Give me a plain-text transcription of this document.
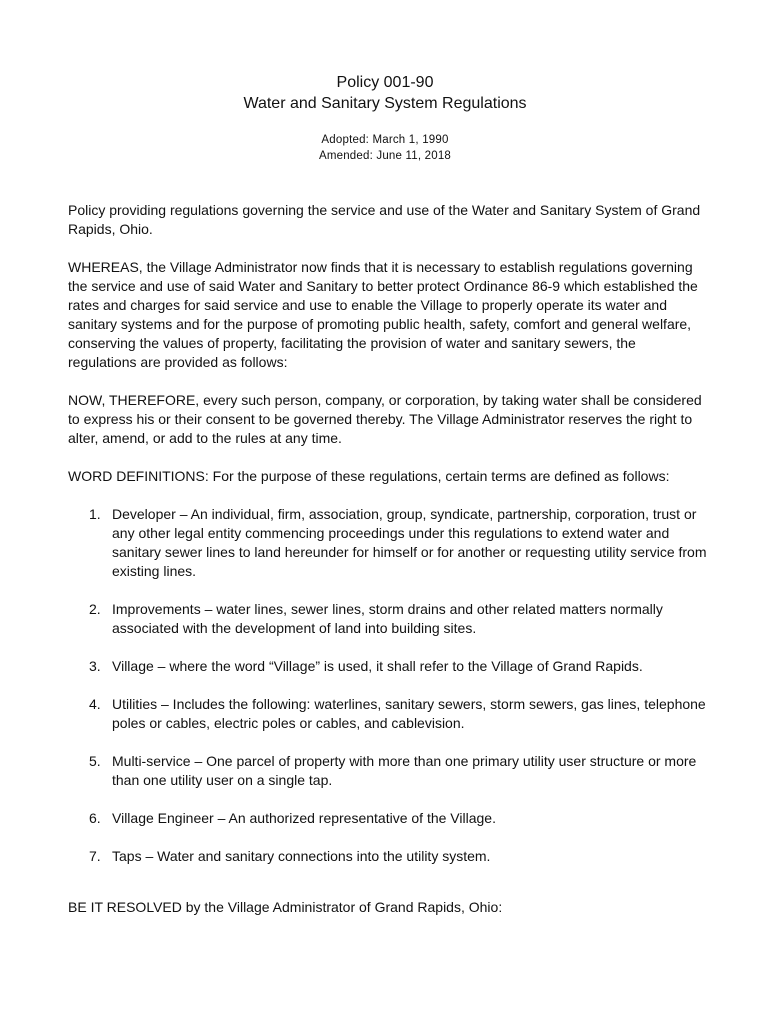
Policy 001-90
Water and Sanitary System Regulations
Adopted: March 1, 1990
Amended: June 11, 2018

Policy providing regulations governing the service and use of the Water and Sanitary System of Grand Rapids, Ohio.

WHEREAS, the Village Administrator now finds that it is necessary to establish regulations governing the service and use of said Water and Sanitary to better protect Ordinance 86-9 which established the rates and charges for said service and use to enable the Village to properly operate its water and sanitary systems and for the purpose of promoting public health, safety, comfort and general welfare, conserving the values of property, facilitating the provision of water and sanitary sewers, the regulations are provided as follows:

NOW, THEREFORE, every such person, company, or corporation, by taking water shall be considered to express his or their consent to be governed thereby. The Village Administrator reserves the right to alter, amend, or add to the rules at any time.

WORD DEFINITIONS: For the purpose of these regulations, certain terms are defined as follows:

1. Developer – An individual, firm, association, group, syndicate, partnership, corporation, trust or any other legal entity commencing proceedings under this regulations to extend water and sanitary sewer lines to land hereunder for himself or for another or requesting utility service from existing lines.
2. Improvements – water lines, sewer lines, storm drains and other related matters normally associated with the development of land into building sites.
3. Village – where the word “Village” is used, it shall refer to the Village of Grand Rapids.
4. Utilities – Includes the following: waterlines, sanitary sewers, storm sewers, gas lines, telephone poles or cables, electric poles or cables, and cablevision.
5. Multi-service – One parcel of property with more than one primary utility user structure or more than one utility user on a single tap.
6. Village Engineer – An authorized representative of the Village.
7. Taps – Water and sanitary connections into the utility system.

BE IT RESOLVED by the Village Administrator of Grand Rapids, Ohio:
